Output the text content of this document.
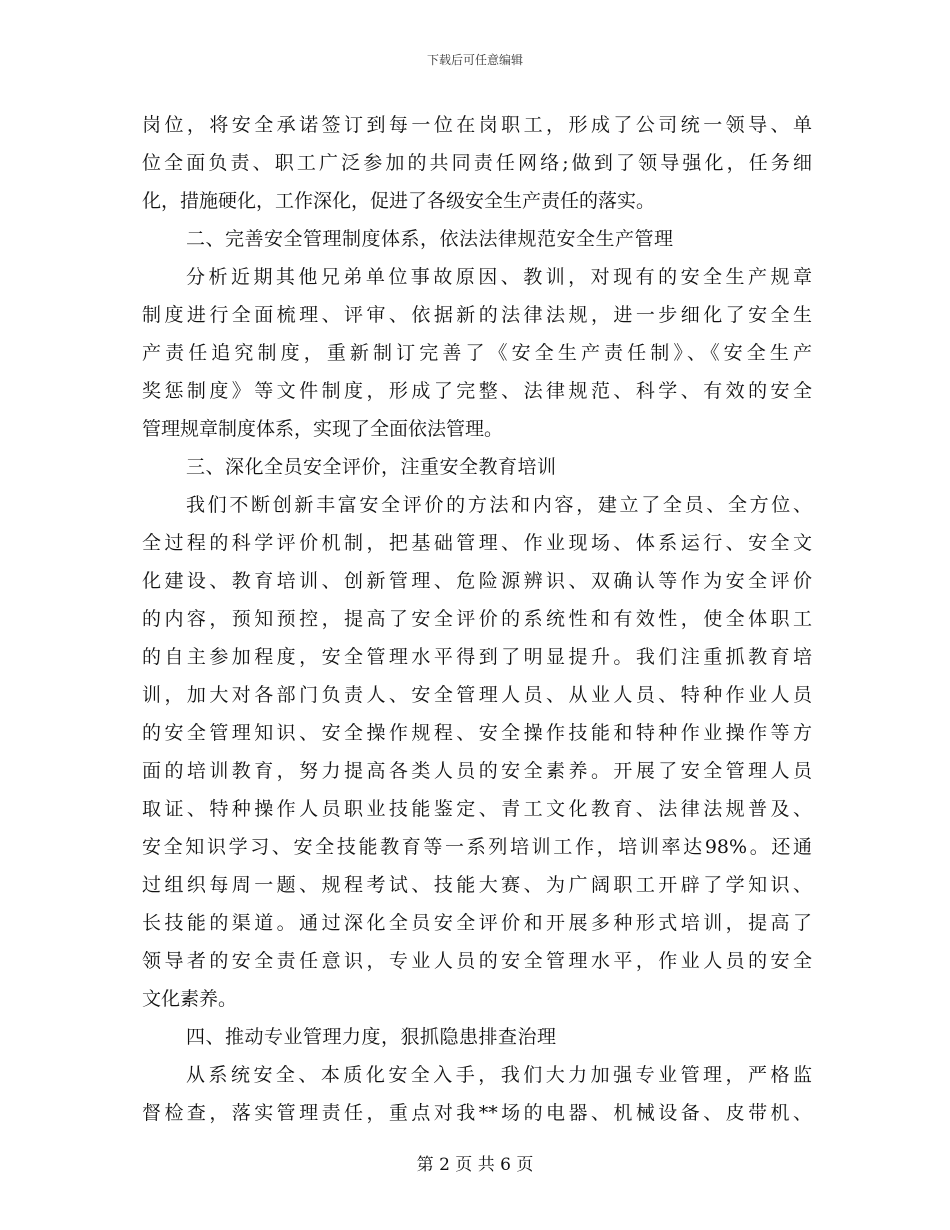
下载后可任意编辑
岗位，将安全承诺签订到每一位在岗职工，形成了公司统一领导、单
位全面负责、职工广泛参加的共同责任网络;做到了领导强化，任务细
化，措施硬化，工作深化，促进了各级安全生产责任的落实。
二、完善安全管理制度体系，依法法律规范安全生产管理
分析近期其他兄弟单位事故原因、教训，对现有的安全生产规章
制度进行全面梳理、评审、依据新的法律法规，进一步细化了安全生
产责任追究制度，重新制订完善了《安全生产责任制》、《安全生产
奖惩制度》等文件制度，形成了完整、法律规范、科学、有效的安全
管理规章制度体系，实现了全面依法管理。
三、深化全员安全评价，注重安全教育培训
我们不断创新丰富安全评价的方法和内容，建立了全员、全方位、
全过程的科学评价机制，把基础管理、作业现场、体系运行、安全文
化建设、教育培训、创新管理、危险源辨识、双确认等作为安全评价
的内容，预知预控，提高了安全评价的系统性和有效性，使全体职工
的自主参加程度，安全管理水平得到了明显提升。我们注重抓教育培
训，加大对各部门负责人、安全管理人员、从业人员、特种作业人员
的安全管理知识、安全操作规程、安全操作技能和特种作业操作等方
面的培训教育，努力提高各类人员的安全素养。开展了安全管理人员
取证、特种操作人员职业技能鉴定、青工文化教育、法律法规普及、
安全知识学习、安全技能教育等一系列培训工作，培训率达98%。还通
过组织每周一题、规程考试、技能大赛、为广阔职工开辟了学知识、
长技能的渠道。通过深化全员安全评价和开展多种形式培训，提高了
领导者的安全责任意识，专业人员的安全管理水平，作业人员的安全
文化素养。
四、推动专业管理力度，狠抓隐患排查治理
从系统安全、本质化安全入手，我们大力加强专业管理，严格监
督检查，落实管理责任，重点对我**场的电器、机械设备、皮带机、
第 2 页 共 6 页
